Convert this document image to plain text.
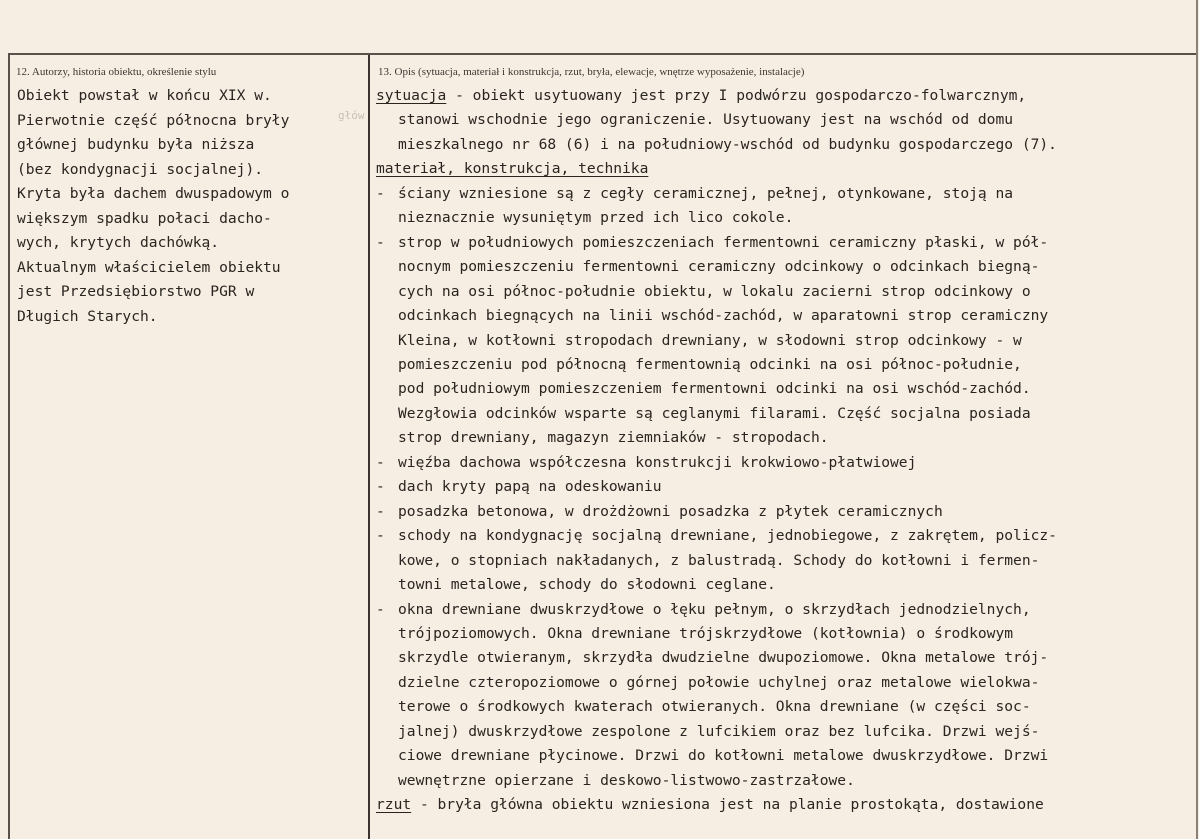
12. Autorzy, historia obiektu, określenie stylu	13. Opis (sytuacja, materiał i konstrukcja, rzut, bryła, elewacje, wnętrze wyposażenie, instalacje)
głów
Obiekt powstał w końcu XIX w.
Pierwotnie część północna bryły
głównej budynku była niższa
(bez kondygnacji socjalnej).
Kryta była dachem dwuspadowym o
większym spadku połaci dacho-
wych, krytych dachówką.
Aktualnym właścicielem obiektu
jest Przedsiębiorstwo PGR w
Długich Starych.
sytuacja - obiekt usytuowany jest przy I podwórzu gospodarczo-folwarcznym,
stanowi wschodnie jego ograniczenie. Usytuowany jest na wschód od domu
mieszkalnego nr 68 (6) i na południowy-wschód od budynku gospodarczego (7).
materiał, konstrukcja, technika
- ściany wzniesione są z cegły ceramicznej, pełnej, otynkowane, stoją na
nieznacznie wysuniętym przed ich lico cokole.
- strop w południowych pomieszczeniach fermentowni ceramiczny płaski, w pół-
nocnym pomieszczeniu fermentowni ceramiczny odcinkowy o odcinkach biegną-
cych na osi północ-południe obiektu, w lokalu zacierni strop odcinkowy o
odcinkach biegnących na linii wschód-zachód, w aparatowni strop ceramiczny
Kleina, w kotłowni stropodach drewniany, w słodowni strop odcinkowy - w
pomieszczeniu pod północną fermentownią odcinki na osi północ-południe,
pod południowym pomieszczeniem fermentowni odcinki na osi wschód-zachód.
Wezgłowia odcinków wsparte są ceglanymi filarami. Część socjalna posiada
strop drewniany, magazyn ziemniaków - stropodach.
- więźba dachowa współczesna konstrukcji krokwiowo-płatwiowej
- dach kryty papą na odeskowaniu
- posadzka betonowa, w drożdżowni posadzka z płytek ceramicznych
- schody na kondygnację socjalną drewniane, jednobiegowe, z zakrętem, policz-
kowe, o stopniach nakładanych, z balustradą. Schody do kotłowni i fermen-
towni metalowe, schody do słodowni ceglane.
- okna drewniane dwuskrzydłowe o łęku pełnym, o skrzydłach jednodzielnych,
trójpoziomowych. Okna drewniane trójskrzydłowe (kotłownia) o środkowym
skrzydle otwieranym, skrzydła dwudzielne dwupoziomowe. Okna metalowe trój-
dzielne czteropoziomowe o górnej połowie uchylnej oraz metalowe wielokwa-
terowe o środkowych kwaterach otwieranych. Okna drewniane (w części soc-
jalnej) dwuskrzydłowe zespolone z lufcikiem oraz bez lufcika. Drzwi wejś-
ciowe drewniane płycinowe. Drzwi do kotłowni metalowe dwuskrzydłowe. Drzwi
wewnętrzne opierzane i deskowo-listwowo-zastrzałowe.
rzut - bryła główna obiektu wzniesiona jest na planie prostokąta, dostawione
